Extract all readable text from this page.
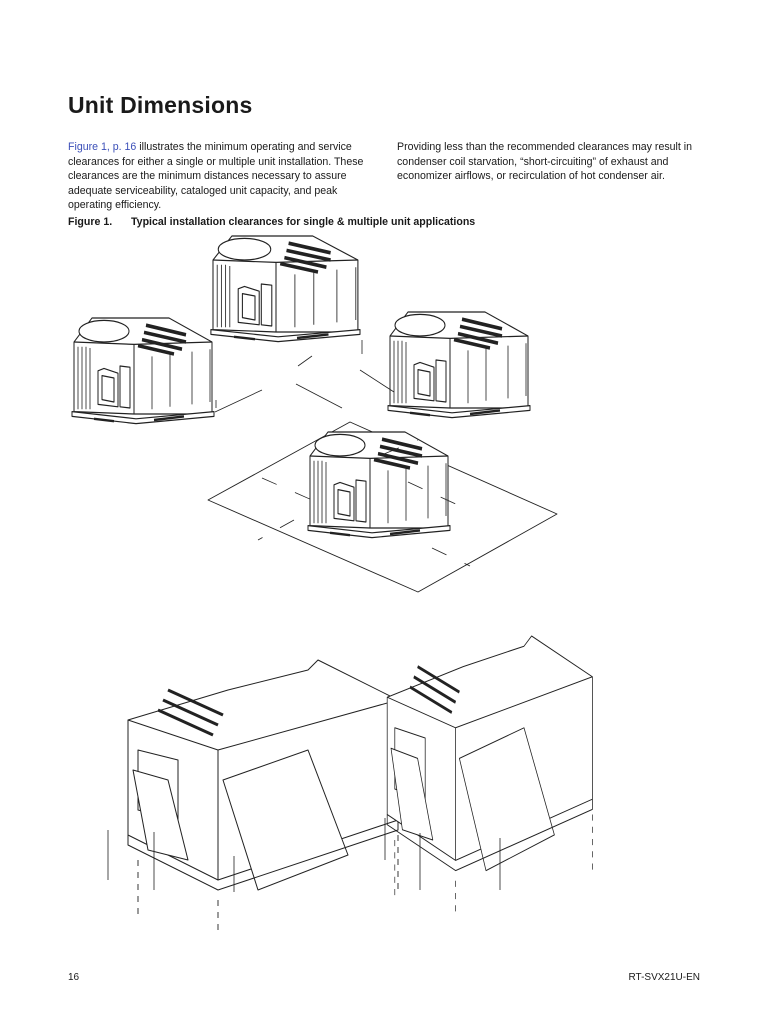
Unit Dimensions
Figure 1, p. 16 illustrates the minimum operating and service clearances for either a single or multiple unit installation. These clearances are the minimum distances necessary to assure adequate serviceability, cataloged unit capacity, and peak operating efficiency.
Providing less than the recommended clearances may result in condenser coil starvation, “short-circuiting” of exhaust and economizer airflows, or recirculation of hot condenser air.
Figure 1. Typical installation clearances for single & multiple unit applications
16	RT-SVX21U-EN
